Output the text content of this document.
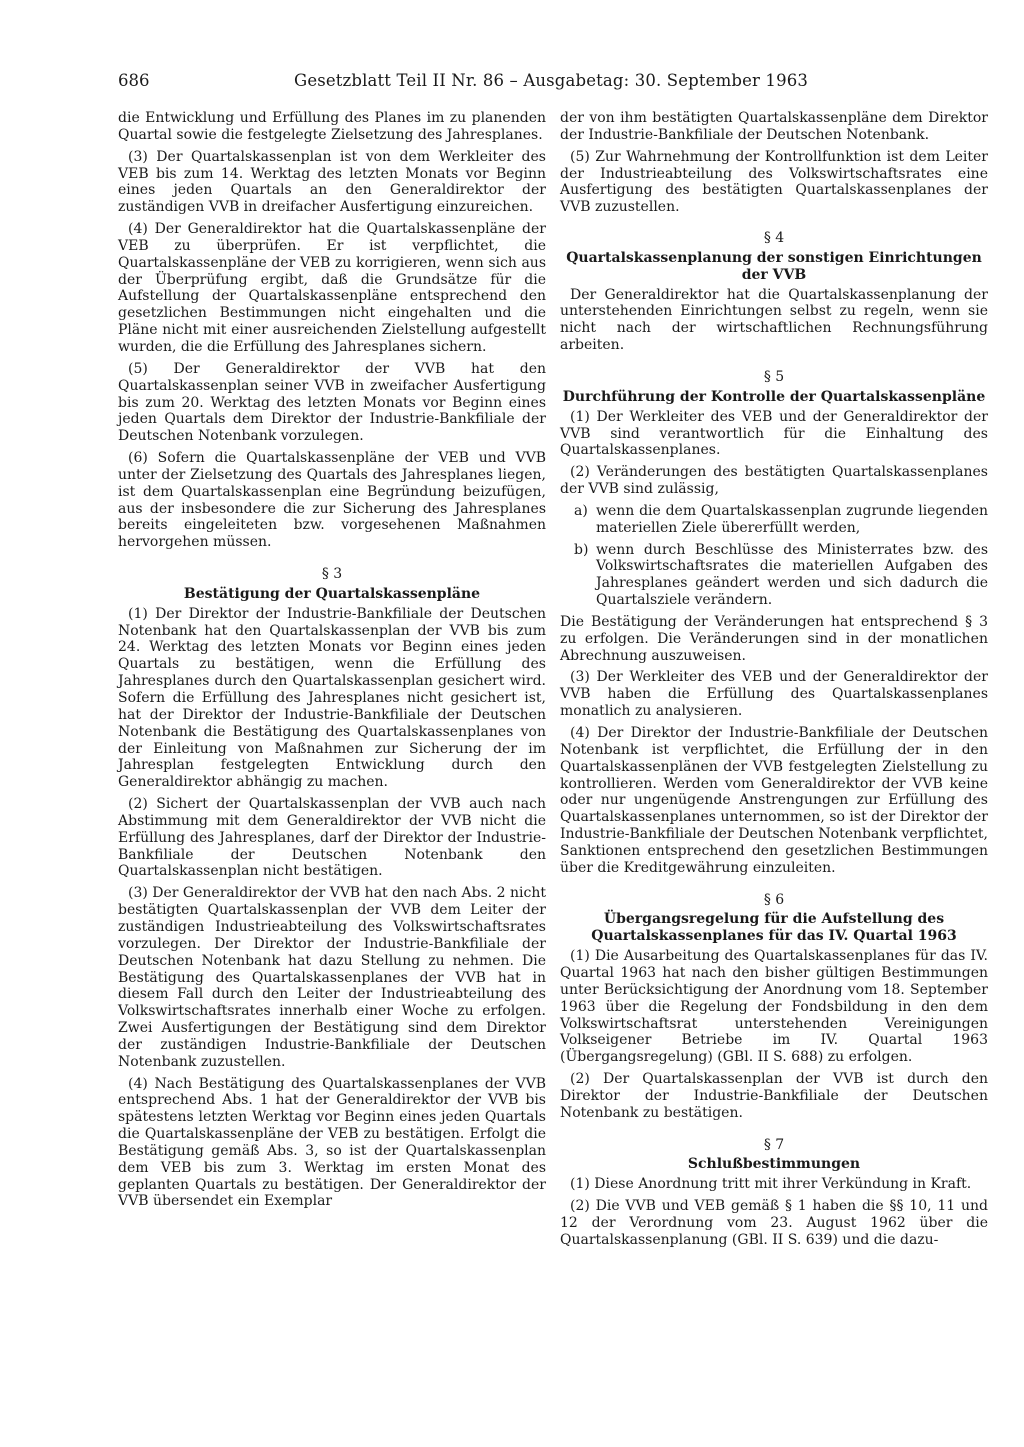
686	Gesetzblatt Teil II Nr. 86 – Ausgabetag: 30. September 1963

die Entwicklung und Erfüllung des Planes im zu planenden Quartal sowie die festgelegte Zielsetzung des Jahresplanes.

(3) Der Quartalskassenplan ist von dem Werkleiter des VEB bis zum 14. Werktag des letzten Monats vor Beginn eines jeden Quartals an den Generaldirektor der zuständigen VVB in dreifacher Ausfertigung einzureichen.

(4) Der Generaldirektor hat die Quartalskassenpläne der VEB zu überprüfen. Er ist verpflichtet, die Quartalskassenpläne der VEB zu korrigieren, wenn sich aus der Überprüfung ergibt, daß die Grundsätze für die Aufstellung der Quartalskassenpläne entsprechend den gesetzlichen Bestimmungen nicht eingehalten und die Pläne nicht mit einer ausreichenden Zielstellung aufgestellt wurden, die die Erfüllung des Jahresplanes sichern.

(5) Der Generaldirektor der VVB hat den Quartalskassenplan seiner VVB in zweifacher Ausfertigung bis zum 20. Werktag des letzten Monats vor Beginn eines jeden Quartals dem Direktor der Industrie-Bankfiliale der Deutschen Notenbank vorzulegen.

(6) Sofern die Quartalskassenpläne der VEB und VVB unter der Zielsetzung des Quartals des Jahresplanes liegen, ist dem Quartalskassenplan eine Begründung beizufügen, aus der insbesondere die zur Sicherung des Jahresplanes bereits eingeleiteten bzw. vorgesehenen Maßnahmen hervorgehen müssen.

§ 3

Bestätigung der Quartalskassenpläne

(1) Der Direktor der Industrie-Bankfiliale der Deutschen Notenbank hat den Quartalskassenplan der VVB bis zum 24. Werktag des letzten Monats vor Beginn eines jeden Quartals zu bestätigen, wenn die Erfüllung des Jahresplanes durch den Quartalskassenplan gesichert wird. Sofern die Erfüllung des Jahresplanes nicht gesichert ist, hat der Direktor der Industrie-Bankfiliale der Deutschen Notenbank die Bestätigung des Quartalskassenplanes von der Einleitung von Maßnahmen zur Sicherung der im Jahresplan festgelegten Entwicklung durch den Generaldirektor abhängig zu machen.

(2) Sichert der Quartalskassenplan der VVB auch nach Abstimmung mit dem Generaldirektor der VVB nicht die Erfüllung des Jahresplanes, darf der Direktor der Industrie-Bankfiliale der Deutschen Notenbank den Quartalskassenplan nicht bestätigen.

(3) Der Generaldirektor der VVB hat den nach Abs. 2 nicht bestätigten Quartalskassenplan der VVB dem Leiter der zuständigen Industrieabteilung des Volkswirtschaftsrates vorzulegen. Der Direktor der Industrie-Bankfiliale der Deutschen Notenbank hat dazu Stellung zu nehmen. Die Bestätigung des Quartalskassenplanes der VVB hat in diesem Fall durch den Leiter der Industrieabteilung des Volkswirtschaftsrates innerhalb einer Woche zu erfolgen. Zwei Ausfertigungen der Bestätigung sind dem Direktor der zuständigen Industrie-Bankfiliale der Deutschen Notenbank zuzustellen.

(4) Nach Bestätigung des Quartalskassenplanes der VVB entsprechend Abs. 1 hat der Generaldirektor der VVB bis spätestens letzten Werktag vor Beginn eines jeden Quartals die Quartalskassenpläne der VEB zu bestätigen. Erfolgt die Bestätigung gemäß Abs. 3, so ist der Quartalskassenplan dem VEB bis zum 3. Werktag im ersten Monat des geplanten Quartals zu bestätigen. Der Generaldirektor der VVB übersendet ein Exemplar

der von ihm bestätigten Quartalskassenpläne dem Direktor der Industrie-Bankfiliale der Deutschen Notenbank.

(5) Zur Wahrnehmung der Kontrollfunktion ist dem Leiter der Industrieabteilung des Volkswirtschaftsrates eine Ausfertigung des bestätigten Quartalskassenplanes der VVB zuzustellen.

§ 4

Quartalskassenplanung der sonstigen Einrichtungen der VVB

Der Generaldirektor hat die Quartalskassenplanung der unterstehenden Einrichtungen selbst zu regeln, wenn sie nicht nach der wirtschaftlichen Rechnungsführung arbeiten.

§ 5

Durchführung der Kontrolle der Quartalskassenpläne

(1) Der Werkleiter des VEB und der Generaldirektor der VVB sind verantwortlich für die Einhaltung des Quartalskassenplanes.

(2) Veränderungen des bestätigten Quartalskassenplanes der VVB sind zulässig,

a) wenn die dem Quartalskassenplan zugrunde liegenden materiellen Ziele übererfüllt werden,

b) wenn durch Beschlüsse des Ministerrates bzw. des Volkswirtschaftsrates die materiellen Aufgaben des Jahresplanes geändert werden und sich dadurch die Quartalsziele verändern.

Die Bestätigung der Veränderungen hat entsprechend § 3 zu erfolgen. Die Veränderungen sind in der monatlichen Abrechnung auszuweisen.

(3) Der Werkleiter des VEB und der Generaldirektor der VVB haben die Erfüllung des Quartalskassenplanes monatlich zu analysieren.

(4) Der Direktor der Industrie-Bankfiliale der Deutschen Notenbank ist verpflichtet, die Erfüllung der in den Quartalskassenplänen der VVB festgelegten Zielstellung zu kontrollieren. Werden vom Generaldirektor der VVB keine oder nur ungenügende Anstrengungen zur Erfüllung des Quartalskassenplanes unternommen, so ist der Direktor der Industrie-Bankfiliale der Deutschen Notenbank verpflichtet, Sanktionen entsprechend den gesetzlichen Bestimmungen über die Kreditgewährung einzuleiten.

§ 6

Übergangsregelung für die Aufstellung des Quartalskassenplanes für das IV. Quartal 1963

(1) Die Ausarbeitung des Quartalskassenplanes für das IV. Quartal 1963 hat nach den bisher gültigen Bestimmungen unter Berücksichtigung der Anordnung vom 18. September 1963 über die Regelung der Fondsbildung in den dem Volkswirtschaftsrat unterstehenden Vereinigungen Volkseigener Betriebe im IV. Quartal 1963 (Übergangsregelung) (GBl. II S. 688) zu erfolgen.

(2) Der Quartalskassenplan der VVB ist durch den Direktor der Industrie-Bankfiliale der Deutschen Notenbank zu bestätigen.

§ 7

Schlußbestimmungen

(1) Diese Anordnung tritt mit ihrer Verkündung in Kraft.

(2) Die VVB und VEB gemäß § 1 haben die §§ 10, 11 und 12 der Verordnung vom 23. August 1962 über die Quartalskassenplanung (GBl. II S. 639) und die dazu-
